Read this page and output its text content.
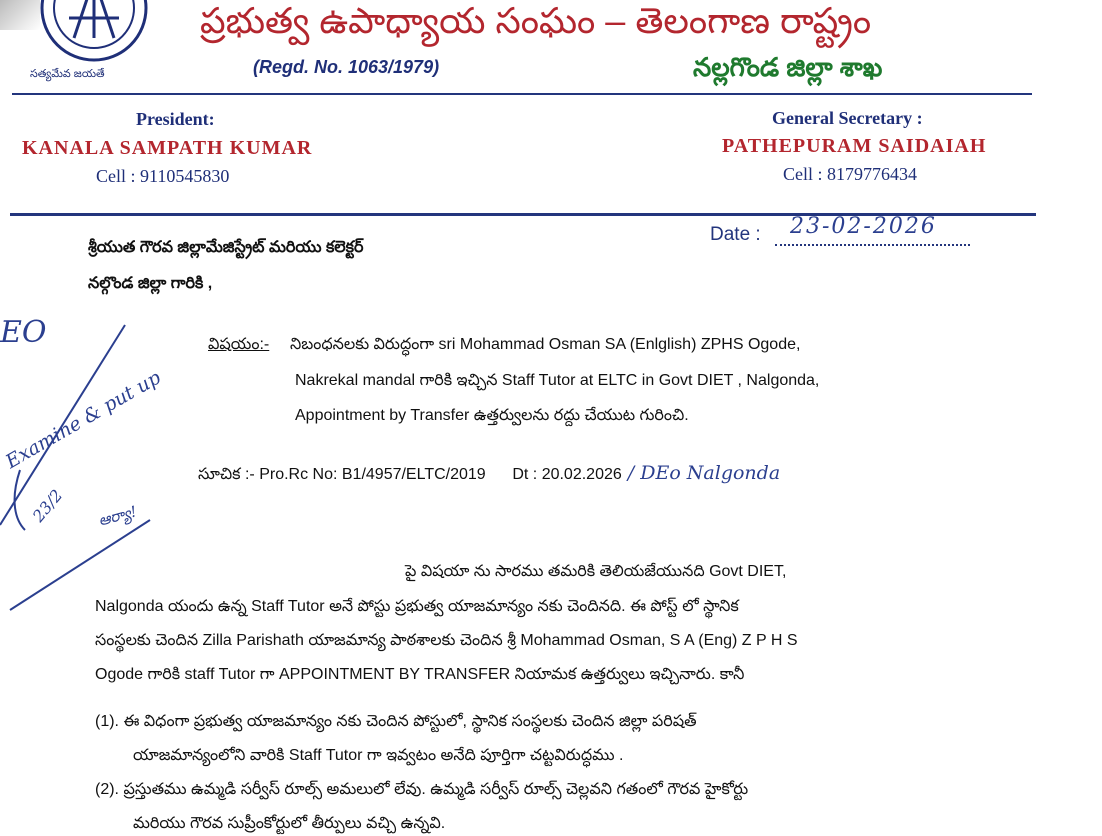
సత్యమేవ జయతే
ప్రభుత్వ ఉపాధ్యాయ సంఘం – తెలంగాణ రాష్ట్రం
(Regd. No. 1063/1979)	నల్లగొండ జిల్లా శాఖ
President:
KANALA SAMPATH KUMAR
Cell : 9110545830
General Secretary :
PATHEPURAM SAIDAIAH
Cell : 8179776434
Date : 23-02-2026
శ్రీయుత గౌరవ జిల్లామేజిస్ట్రేట్ మరియు కలెక్టర్
నల్గొండ జిల్లా గారికి ,
విషయం:- నిబంధనలకు విరుద్ధంగా sri Mohammad Osman SA (Enlglish) ZPHS Ogode,
Nakrekal mandal గారికి ఇచ్చిన Staff Tutor at ELTC in Govt DIET , Nalgonda,
Appointment by Transfer ఉత్తర్వులను రద్దు చేయుట గురించి.
సూచిక :- Pro.Rc No: B1/4957/ELTC/2019      Dt : 20.02.2026 / DEo Nalgonda
పై విషయా ను సారము తమరికి తెలియజేయునది Govt DIET,
Nalgonda యందు ఉన్న Staff Tutor అనే పోస్టు ప్రభుత్వ యాజమాన్యం నకు చెందినది. ఈ పోస్ట్ లో స్థానిక
సంస్థలకు చెందిన Zilla Parishath యాజమాన్య పాఠశాలకు చెందిన శ్రీ Mohammad Osman, S A (Eng) Z P H S
Ogode గారికి staff Tutor గా APPOINTMENT BY TRANSFER నియామక ఉత్తర్వులు ఇచ్చినారు. కానీ
(1). ఈ విధంగా ప్రభుత్వ యాజమాన్యం నకు చెందిన పోస్టులో, స్థానిక సంస్థలకు చెందిన జిల్లా పరిషత్
యాజమాన్యంలోని వారికి Staff Tutor గా ఇవ్వటం అనేది పూర్తిగా చట్టవిరుద్ధము .
(2). ప్రస్తుతము ఉమ్మడి సర్వీస్ రూల్స్ అమలులో లేవు. ఉమ్మడి సర్వీస్ రూల్స్ చెల్లవని గతంలో గౌరవ హైకోర్టు
మరియు గౌరవ సుప్రీంకోర్టులో తీర్పులు వచ్చి ఉన్నవి.
EO
Examine & put up
23/2 ఆర్యా!
